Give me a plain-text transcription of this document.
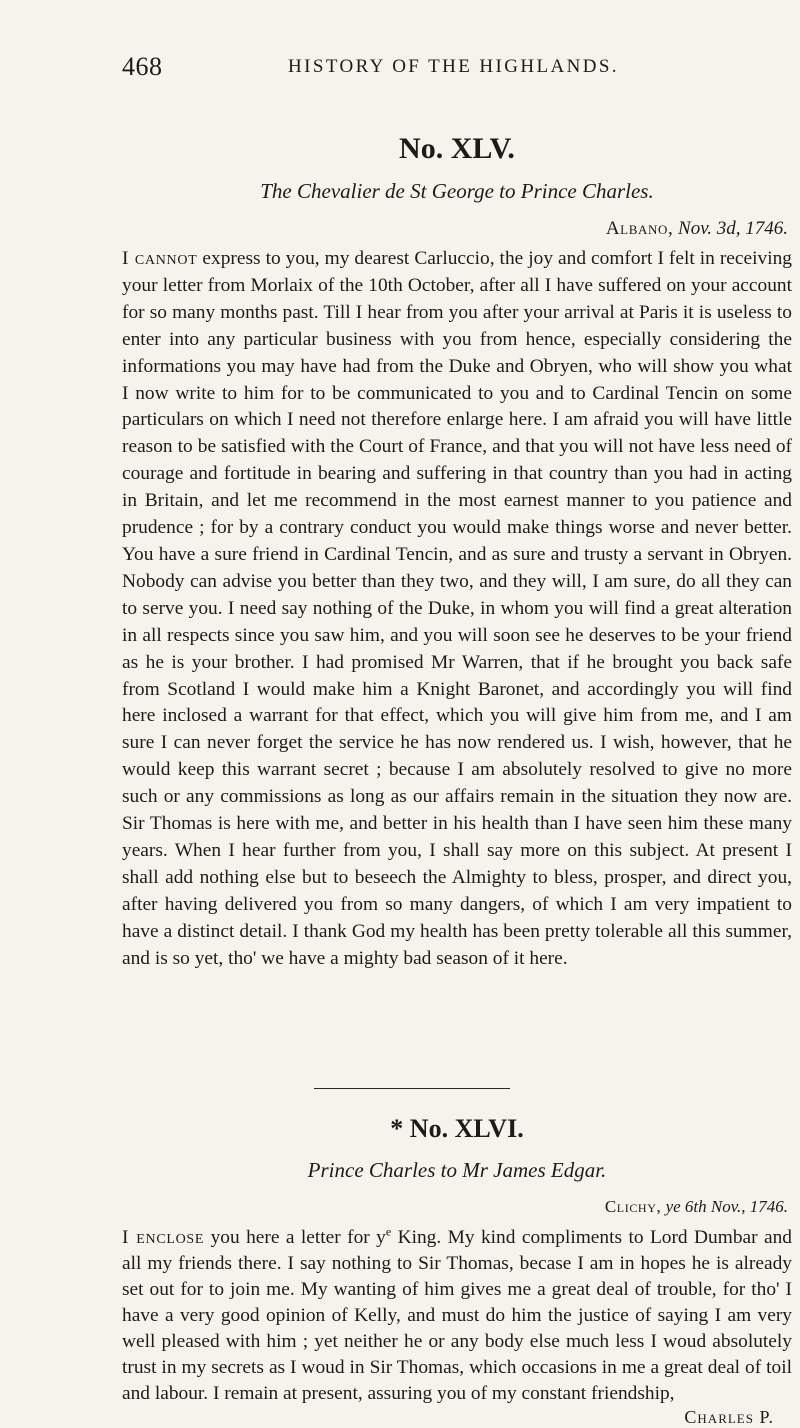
468	HISTORY OF THE HIGHLANDS.
No. XLV.

The Chevalier de St George to Prince Charles.

Albano, Nov. 3d, 1746.

I cannot express to you, my dearest Carluccio, the joy and comfort I felt in receiving your letter from Morlaix of the 10th October, after all I have suffered on your account for so many months past. Till I hear from you after your arrival at Paris it is useless to enter into any particular business with you from hence, especially considering the informations you may have had from the Duke and Obryen, who will show you what I now write to him for to be communicated to you and to Cardinal Tencin on some particulars on which I need not therefore enlarge here. I am afraid you will have little reason to be satisfied with the Court of France, and that you will not have less need of courage and fortitude in bearing and suffering in that country than you had in acting in Britain, and let me recommend in the most earnest manner to you patience and prudence ; for by a contrary conduct you would make things worse and never better. You have a sure friend in Cardinal Tencin, and as sure and trusty a servant in Obryen. Nobody can advise you better than they two, and they will, I am sure, do all they can to serve you. I need say nothing of the Duke, in whom you will find a great alteration in all respects since you saw him, and you will soon see he deserves to be your friend as he is your brother. I had promised Mr Warren, that if he brought you back safe from Scotland I would make him a Knight Baronet, and accordingly you will find here inclosed a warrant for that effect, which you will give him from me, and I am sure I can never forget the service he has now rendered us. I wish, however, that he would keep this warrant secret ; because I am absolutely resolved to give no more such or any commissions as long as our affairs remain in the situation they now are. Sir Thomas is here with me, and better in his health than I have seen him these many years. When I hear further from you, I shall say more on this subject. At present I shall add nothing else but to beseech the Almighty to bless, prosper, and direct you, after having delivered you from so many dangers, of which I am very impatient to have a distinct detail. I thank God my health has been pretty tolerable all this summer, and is so yet, tho' we have a mighty bad season of it here.

* No. XLVI.

Prince Charles to Mr James Edgar.

Clichy, ye 6th Nov., 1746.

I enclose you here a letter for $y^e$ King. My kind compliments to Lord Dumbar and all my friends there. I say nothing to Sir Thomas, becase I am in hopes he is already set out for to join me. My wanting of him gives me a great deal of trouble, for tho' I have a very good opinion of Kelly, and must do him the justice of saying I am very well pleased with him ; yet neither he or any body else much less I woud absolutely trust in my secrets as I woud in Sir Thomas, which occasions in me a great deal of toil and labour. I remain at present, assuring you of my constant friendship,

Charles P.
